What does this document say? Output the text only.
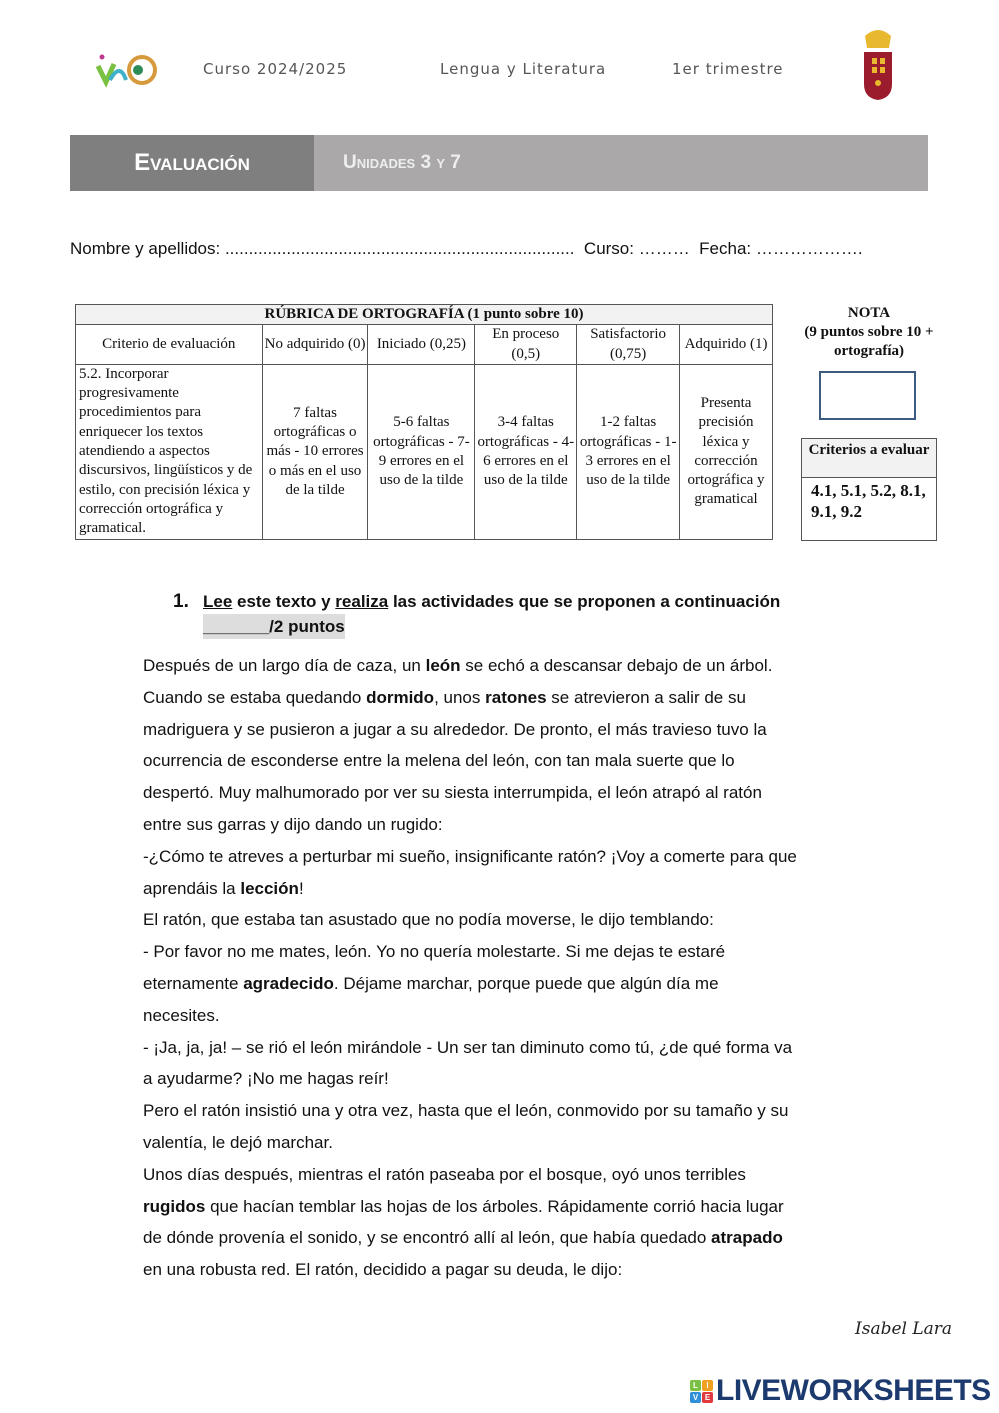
Curso 2024/2025	Lengua y Literatura	1er trimestre
Evaluación	Unidades 3 y 7
Nombre y apellidos: ..........................................................................  Curso: ………  Fecha: ……………….
RÚBRICA DE ORTOGRAFÍA (1 punto sobre 10)					
Criterio de evaluación	No adquirido (0)	Iniciado (0,25)	En proceso (0,5)	Satisfactorio (0,75)	Adquirido (1)
5.2. Incorporar progresivamente procedimientos para enriquecer los textos atendiendo a aspectos discursivos, lingüísticos y de estilo, con precisión léxica y corrección ortográfica y gramatical.	7 faltas ortográficas o más - 10 errores o más en el uso de la tilde	5-6 faltas ortográficas - 7-9 errores en el uso de la tilde	3-4 faltas ortográficas - 4-6 errores en el uso de la tilde	1-2 faltas ortográficas - 1-3 errores en el uso de la tilde	Presenta precisión léxica y corrección ortográfica y gramatical
NOTA
(9 puntos sobre 10 + ortografía)
Criterios a evaluar
4.1, 5.1, 5.2, 8.1, 9.1, 9.2
1. Lee este texto y realiza las actividades que se proponen a continuación
_______/2 puntos
Después de un largo día de caza, un león se echó a descansar debajo de un árbol.
Cuando se estaba quedando dormido, unos ratones se atrevieron a salir de su
madriguera y se pusieron a jugar a su alrededor. De pronto, el más travieso tuvo la
ocurrencia de esconderse entre la melena del león, con tan mala suerte que lo
despertó. Muy malhumorado por ver su siesta interrumpida, el león atrapó al ratón
entre sus garras y dijo dando un rugido:
-¿Cómo te atreves a perturbar mi sueño, insignificante ratón? ¡Voy a comerte para que
aprendáis la lección!
El ratón, que estaba tan asustado que no podía moverse, le dijo temblando:
- Por favor no me mates, león. Yo no quería molestarte. Si me dejas te estaré
eternamente agradecido. Déjame marchar, porque puede que algún día me
necesites.
- ¡Ja, ja, ja! – se rió el león mirándole - Un ser tan diminuto como tú, ¿de qué forma va
a ayudarme? ¡No me hagas reír!
Pero el ratón insistió una y otra vez, hasta que el león, conmovido por su tamaño y su
valentía, le dejó marchar.
Unos días después, mientras el ratón paseaba por el bosque, oyó unos terribles
rugidos que hacían temblar las hojas de los árboles. Rápidamente corrió hacia lugar
de dónde provenía el sonido, y se encontró allí al león, que había quedado atrapado
en una robusta red. El ratón, decidido a pagar su deuda, le dijo:
Isabel Lara
L	I
V E LIVEWORKSHEETS
